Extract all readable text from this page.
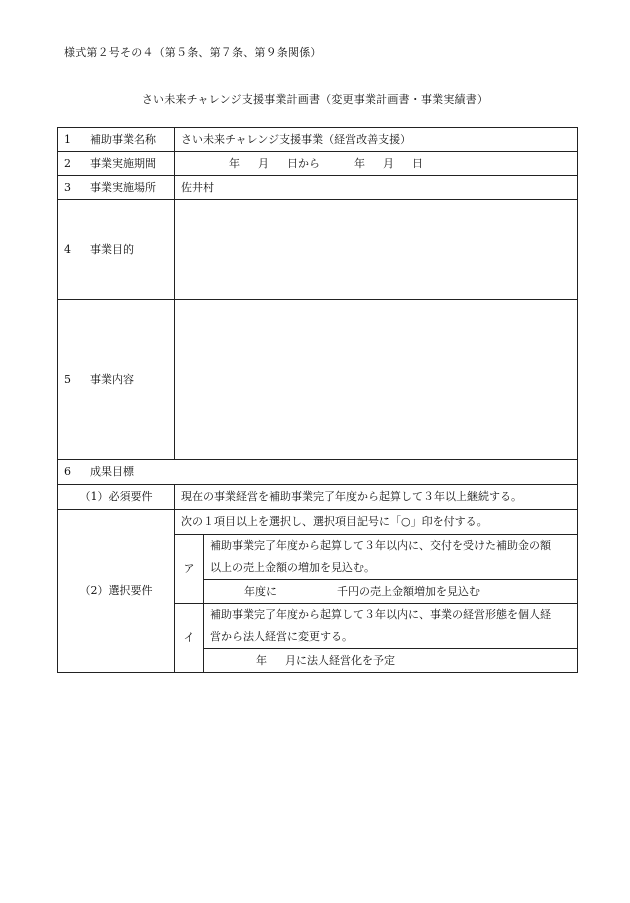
様式第２号その４（第５条、第７条、第９条関係）
さい未来チャレンジ支援事業計画書（変更事業計画書・事業実績書）
1 補助事業名称	さい未来チャレンジ支援事業（経営改善支援）	
2 事業実施期間	年 月 日から 年 月 日	
3 事業実施場所	佐井村	
4 事業目的		
5 事業内容		
6 成果目標		
（1）必須要件	現在の事業経営を補助事業完了年度から起算して３年以上継続する。	
（2）選択要件	次の１項目以上を選択し、選択項目記号に「○」印を付する。	
	ア	補助事業完了年度から起算して３年以内に、交付を受けた補助金の額
以上の売上金額の増加を見込む。
		年度に 千円の売上金額増加を見込む
	イ	補助事業完了年度から起算して３年以内に、事業の経営形態を個人経
営から法人経営に変更する。
		年 月に法人経営化を予定
